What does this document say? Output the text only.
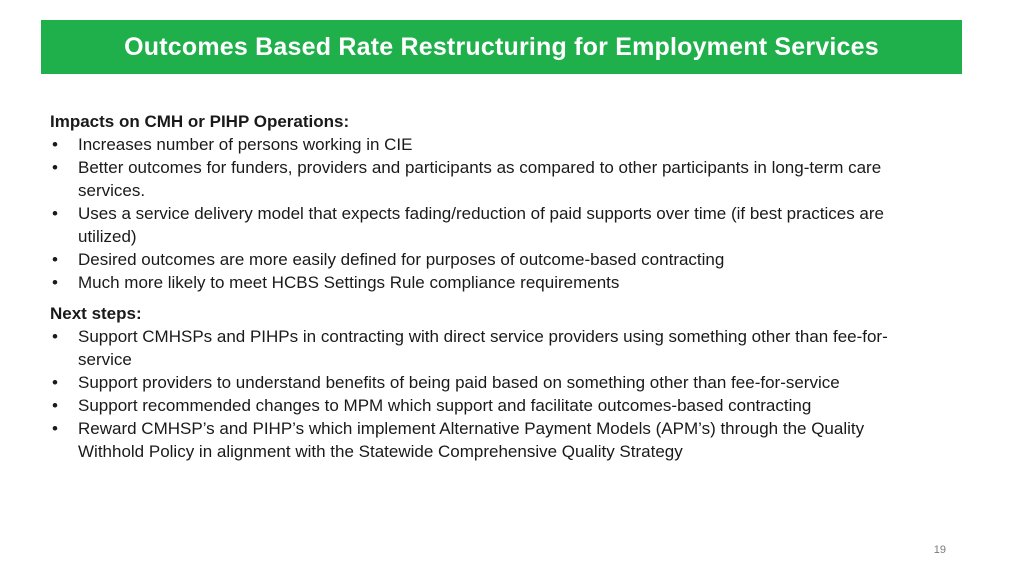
Outcomes Based Rate Restructuring for Employment Services

Impacts on CMH or PIHP Operations:

• Increases number of persons working in CIE
• Better outcomes for funders, providers and participants as compared to other participants in long-term care services.
• Uses a service delivery model that expects fading/reduction of paid supports over time (if best practices are utilized)
• Desired outcomes are more easily defined for purposes of outcome-based contracting
• Much more likely to meet HCBS Settings Rule compliance requirements

Next steps:

• Support CMHSPs and PIHPs in contracting with direct service providers using something other than fee-for-service
• Support providers to understand benefits of being paid based on something other than fee-for-service
• Support recommended changes to MPM which support and facilitate outcomes-based contracting
• Reward CMHSP’s and PIHP’s which implement Alternative Payment Models (APM’s) through the Quality Withhold Policy in alignment with the Statewide Comprehensive Quality Strategy
19
